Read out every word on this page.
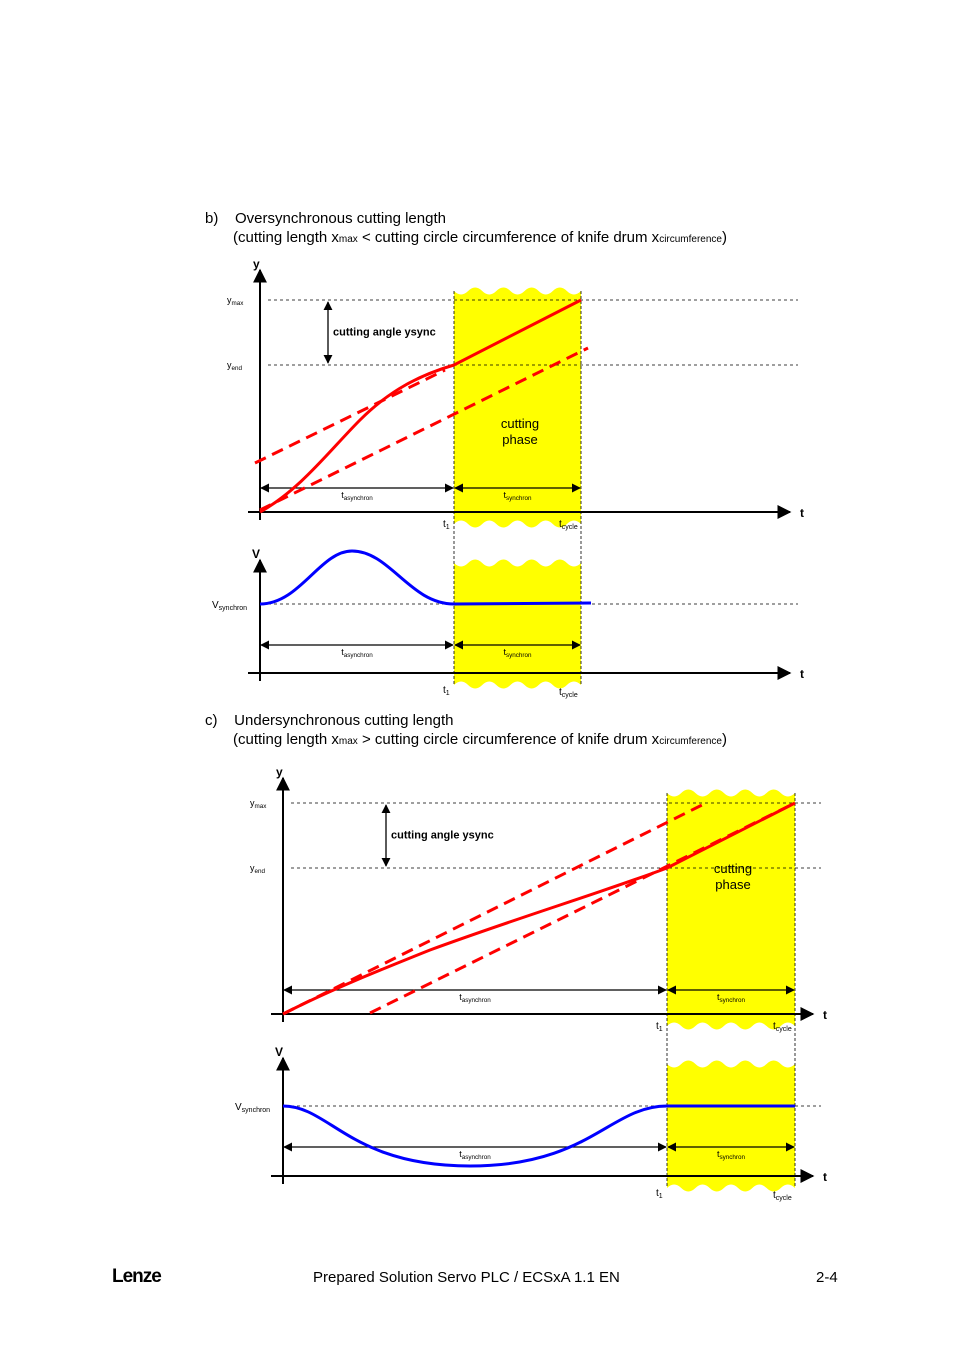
b) Oversynchronous cutting length
(cutting length xmax < cutting circle circumference of knife drum xcircumference)
c) Undersynchronous cutting length
(cutting length xmax > cutting circle circumference of knife drum xcircumference)
y
t
V
t
$y_{max}$
$y_{end}$
$V_{synchron}$
$t_1$	$t_{cycle}$
$t_1$	$t_{cycle}$
cutting angle ysync
cutting
phase
$t_{asynchron}$	$t_{synchron}$
$t_{asynchron}$	$t_{synchron}$
y
t
V
t
$y_{max}$
$y_{end}$
$V_{synchron}$
$t_1$	$t_{cycle}$
$t_1$	$t_{cycle}$
cutting angle ysync
cutting
phase
$t_{asynchron}$	$t_{synchron}$
$t_{asynchron}$	$t_{synchron}$
Lenze	Prepared Solution Servo PLC / ECSxA 1.1 EN	2-4
